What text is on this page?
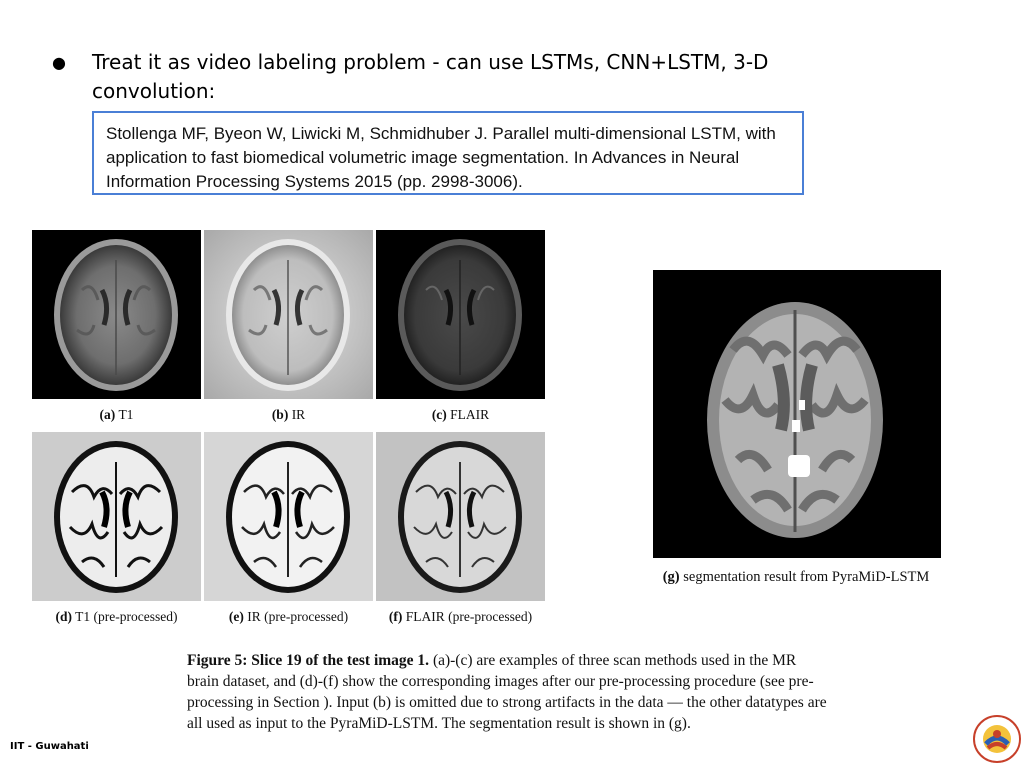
● Treat it as video labeling problem - can use LSTMs, CNN+LSTM, 3-D convolution:
Stollenga MF, Byeon W, Liwicki M, Schmidhuber J. Parallel multi-dimensional LSTM, with application to fast biomedical volumetric image segmentation. In Advances in Neural Information Processing Systems 2015 (pp. 2998-3006).
(a) T1	(b) IR	(c) FLAIR
(d) T1 (pre-processed)	(e) IR (pre-processed)	(f) FLAIR (pre-processed)
(g) segmentation result from PyraMiD-LSTM
Figure 5: Slice 19 of the test image 1. (a)-(c) are examples of three scan methods used in the MR brain dataset, and (d)-(f) show the corresponding images after our pre-processing procedure (see pre-processing in Section ). Input (b) is omitted due to strong artifacts in the data — the other datatypes are all used as input to the PyraMiD-LSTM. The segmentation result is shown in (g).
IIT - Guwahati
